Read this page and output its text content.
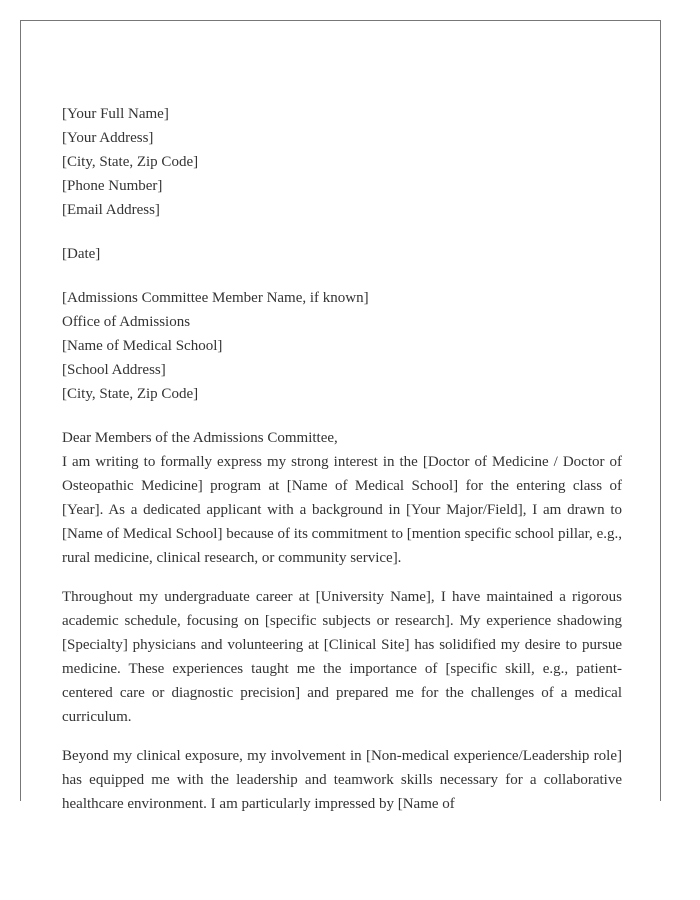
[Your Full Name]
[Your Address]
[City, State, Zip Code]
[Phone Number]
[Email Address]
[Date]
[Admissions Committee Member Name, if known]
Office of Admissions
[Name of Medical School]
[School Address]
[City, State, Zip Code]
Dear Members of the Admissions Committee,

I am writing to formally express my strong interest in the [Doctor of Medicine / Doctor of Osteopathic Medicine] program at [Name of Medical School] for the entering class of [Year]. As a dedicated applicant with a background in [Your Major/Field], I am drawn to [Name of Medical School] because of its commitment to [mention specific school pillar, e.g., rural medicine, clinical research, or community service].

Throughout my undergraduate career at [University Name], I have maintained a rigorous academic schedule, focusing on [specific subjects or research]. My experience shadowing [Specialty] physicians and volunteering at [Clinical Site] has solidified my desire to pursue medicine. These experiences taught me the importance of [specific skill, e.g., patient-centered care or diagnostic precision] and prepared me for the challenges of a medical curriculum.

Beyond my clinical exposure, my involvement in [Non-medical experience/Leadership role] has equipped me with the leadership and teamwork skills necessary for a collaborative healthcare environment. I am particularly impressed by [Name of
